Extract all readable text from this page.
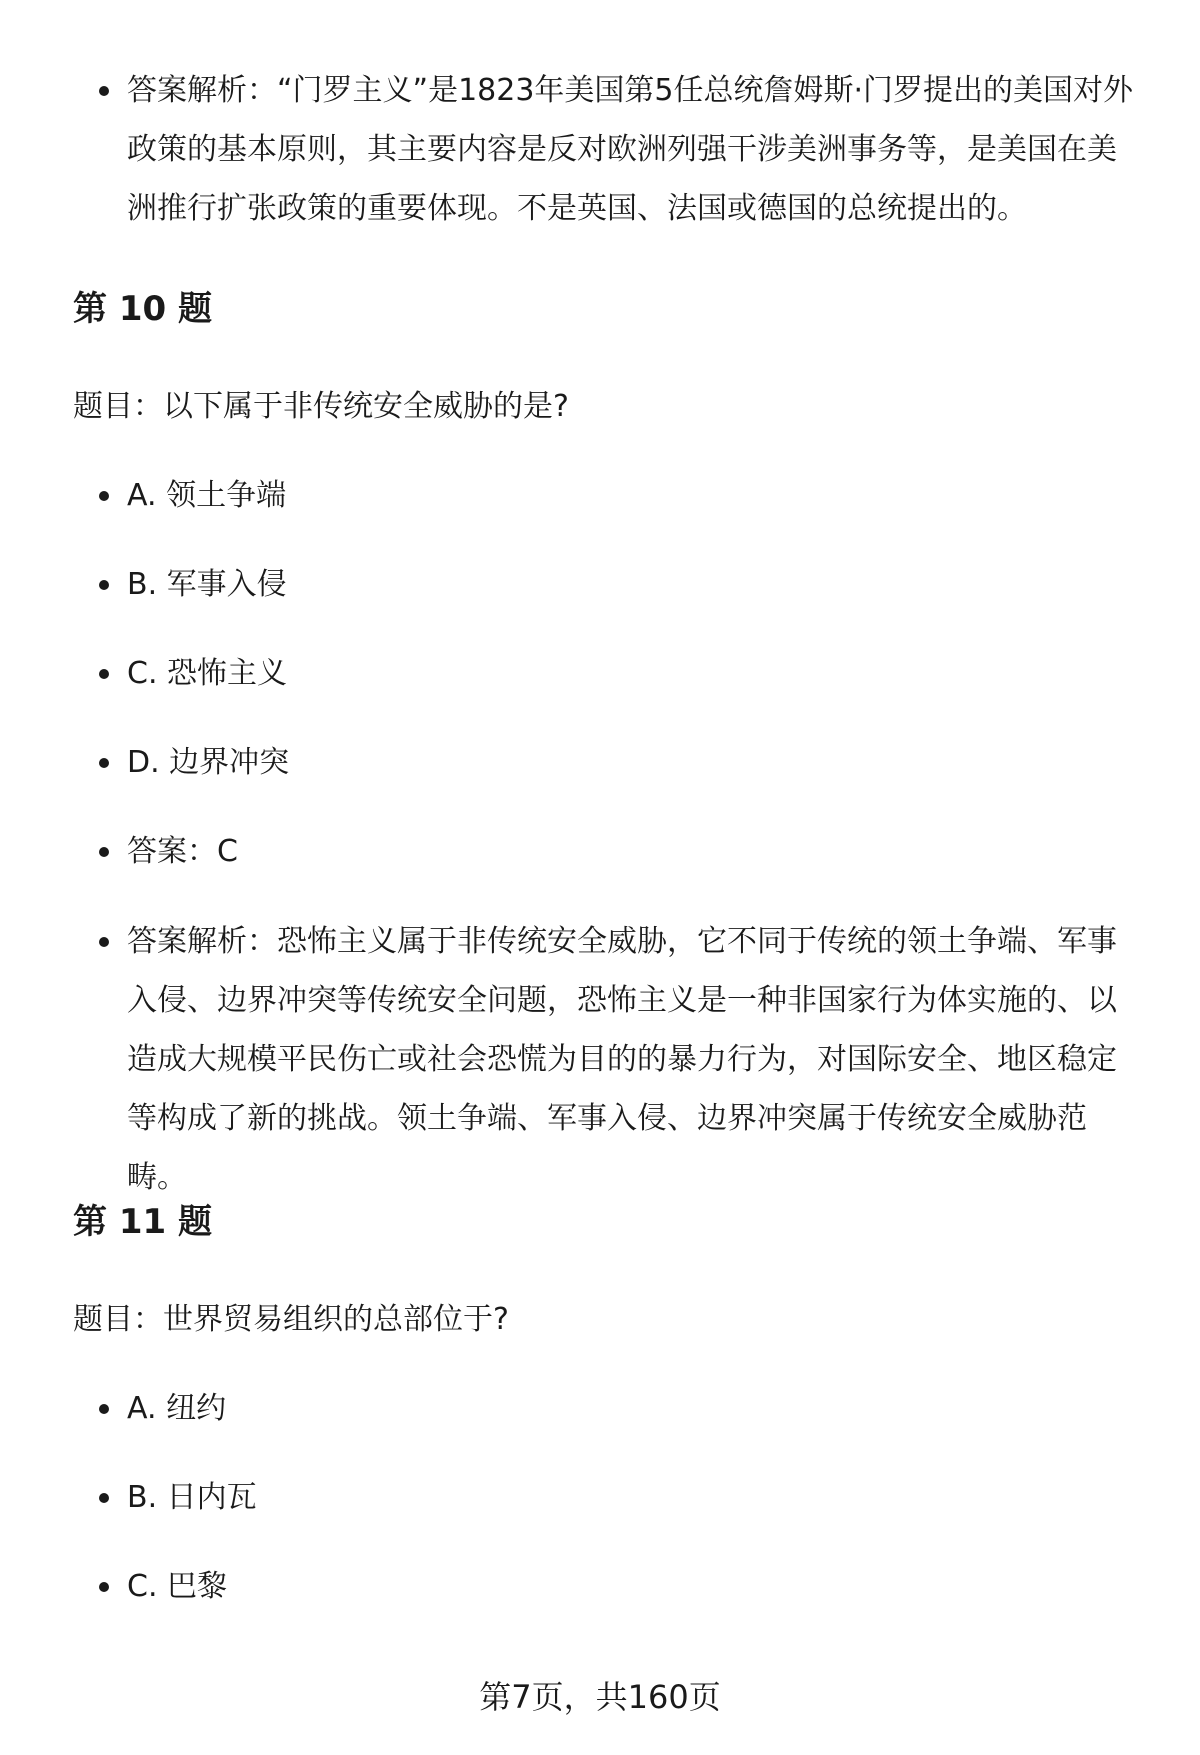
答案解析：“门罗主义”是1823年美国第5任总统詹姆斯·门罗提出的美国对外政策的基本原则，其主要内容是反对欧洲列强干涉美洲事务等，是美国在美洲推行扩张政策的重要体现。不是英国、法国或德国的总统提出的。
第 10 题
题目：以下属于非传统安全威胁的是?
A. 领土争端
B. 军事入侵
C. 恐怖主义
D. 边界冲突
答案：C
答案解析：恐怖主义属于非传统安全威胁，它不同于传统的领土争端、军事入侵、边界冲突等传统安全问题，恐怖主义是一种非国家行为体实施的、以造成大规模平民伤亡或社会恐慌为目的的暴力行为，对国际安全、地区稳定等构成了新的挑战。领土争端、军事入侵、边界冲突属于传统安全威胁范畴。
第 11 题
题目：世界贸易组织的总部位于?
A. 纽约
B. 日内瓦
C. 巴黎
第7页，共160页
